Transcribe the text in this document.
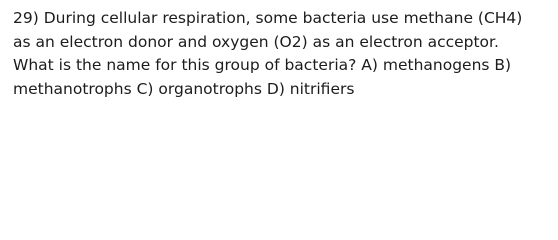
29) During cellular respiration, some bacteria use methane (CH4)
as an electron donor and oxygen (O2) as an electron acceptor.
What is the name for this group of bacteria? A) methanogens B)
methanotrophs C) organotrophs D) nitrifiers
